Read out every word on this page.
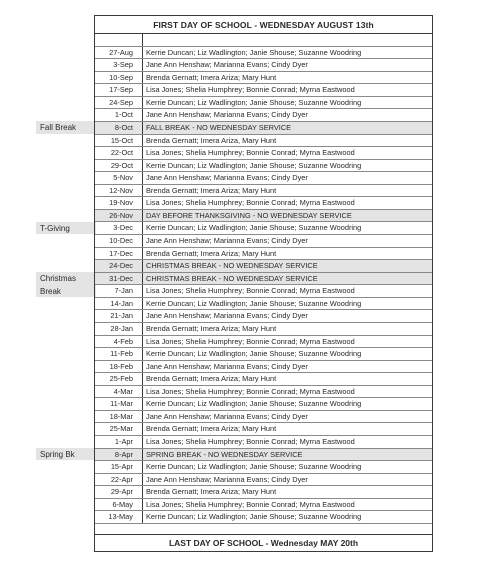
Fall Break
T-Giving
Christmas
Break
Spring Bk
FIRST DAY OF SCHOOL - WEDNESDAY AUGUST 13th
27-Aug Kerrie Duncan; Liz Wadlington; Janie Shouse; Suzanne Woodring
3-Sep Jane Ann Henshaw; Marianna Evans; Cindy Dyer
10-Sep Brenda Gernatt; Imera Ariza; Mary Hunt
17-Sep Lisa Jones; Shelia Humphrey; Bonnie Conrad; Myrna Eastwood
24-Sep Kerrie Duncan; Liz Wadlington; Janie Shouse; Suzanne Woodring
1-Oct Jane Ann Henshaw; Marianna Evans; Cindy Dyer
8-Oct FALL BREAK - NO WEDNESDAY SERVICE
15-Oct Brenda Gernatt; Imera Ariza, Mary Hunt
22-Oct Lisa Jones; Shelia Humphrey; Bonnie Conrad; Myrna Eastwood
29-Oct Kerrie Duncan; Liz Wadlington; Janie Shouse; Suzanne Woodring
5-Nov Jane Ann Henshaw; Marianna Evans; Cindy Dyer
12-Nov Brenda Gernatt; Imera Ariza; Mary Hunt
19-Nov Lisa Jones; Shelia Humphrey; Bonnie Conrad; Myrna Eastwood
26-Nov DAY BEFORE THANKSGIVING - NO WEDNESDAY SERVICE
3-Dec Kerrie Duncan; Liz Wadlington; Janie Shouse; Suzanne Woodring
10-Dec Jane Ann Henshaw; Marianna Evans; Cindy Dyer
17-Dec Brenda Gernatt; Imera Ariza; Mary Hunt
24-Dec CHRISTMAS BREAK - NO WEDNESDAY SERVICE
31-Dec CHRISTMAS BREAK - NO WEDNESDAY SERVICE
7-Jan Lisa Jones; Shelia Humphrey; Bonnie Conrad; Myrna Eastwood
14-Jan Kerrie Duncan; Liz Wadlington; Janie Shouse; Suzanne Woodring
21-Jan Jane Ann Henshaw; Marianna Evans; Cindy Dyer
28-Jan Brenda Gernatt; Imera Ariza; Mary Hunt
4-Feb Lisa Jones; Shelia Humphrey; Bonnie Conrad; Myrna Eastwood
11-Feb Kerrie Duncan; Liz Wadlington; Janie Shouse; Suzanne Woodring
18-Feb Jane Ann Henshaw; Marianna Evans; Cindy Dyer
25-Feb Brenda Gernatt; Imera Ariza; Mary Hunt
4-Mar Lisa Jones; Shelia Humphrey; Bonnie Conrad; Myrna Eastwood
11-Mar Kerrie Duncan; Liz Wadlington; Janie Shouse; Suzanne Woodring
18-Mar Jane Ann Henshaw; Marianna Evans; Cindy Dyer
25-Mar Brenda Gernatt; Imera Ariza; Mary Hunt
1-Apr Lisa Jones; Shelia Humphrey; Bonnie Conrad; Myrna Eastwood
8-Apr SPRING BREAK - NO WEDNESDAY SERVICE
15-Apr Kerrie Duncan; Liz Wadlington; Janie Shouse; Suzanne Woodring
22-Apr Jane Ann Henshaw; Marianna Evans; Cindy Dyer
29-Apr Brenda Gernatt; Imera Ariza; Mary Hunt
6-May Lisa Jones; Shelia Humphrey; Bonnie Conrad; Myrna Eastwood
13-May Kerrie Duncan; Liz Wadlington; Janie Shouse; Suzanne Woodring
LAST DAY OF SCHOOL - Wednesday MAY 20th
